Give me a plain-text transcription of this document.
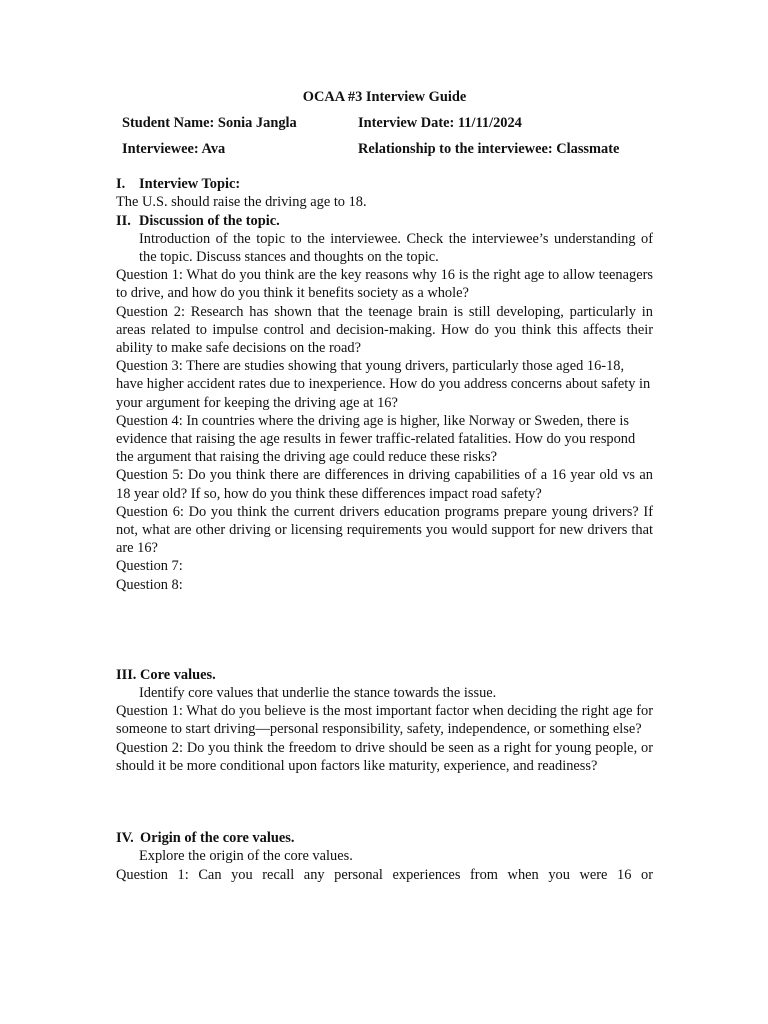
OCAA #3 Interview Guide

Student Name: Sonia Jangla	Interview Date: 11/11/2024
Interviewee: Ava	Relationship to the interviewee: Classmate
I. Interview Topic:

The U.S. should raise the driving age to 18.

II. Discussion of the topic.

Introduction of the topic to the interviewee. Check the interviewee’s understanding of the topic. Discuss stances and thoughts on the topic.

Question 1: What do you think are the key reasons why 16 is the right age to allow teenagers to drive, and how do you think it benefits society as a whole?

Question 2: Research has shown that the teenage brain is still developing, particularly in areas related to impulse control and decision-making. How do you think this affects their ability to make safe decisions on the road?

Question 3: There are studies showing that young drivers, particularly those aged 16-18, have higher accident rates due to inexperience. How do you address concerns about safety in your argument for keeping the driving age at 16?

Question 4: In countries where the driving age is higher, like Norway or Sweden, there is evidence that raising the age results in fewer traffic-related fatalities. How do you respond the argument that raising the driving age could reduce these risks?

Question 5: Do you think there are differences in driving capabilities of a 16 year old vs an 18 year old? If so, how do you think these differences impact road safety?

Question 6: Do you think the current drivers education programs prepare young drivers? If not, what are other driving or licensing requirements you would support for new drivers that are 16?

Question 7:

Question 8:

III. Core values.

Identify core values that underlie the stance towards the issue.

Question 1: What do you believe is the most important factor when deciding the right age for someone to start driving—personal responsibility, safety, independence, or something else?

Question 2: Do you think the freedom to drive should be seen as a right for young people, or should it be more conditional upon factors like maturity, experience, and readiness?

IV. Origin of the core values.

Explore the origin of the core values.

Question 1: Can you recall any personal experiences from when you were 16 or
